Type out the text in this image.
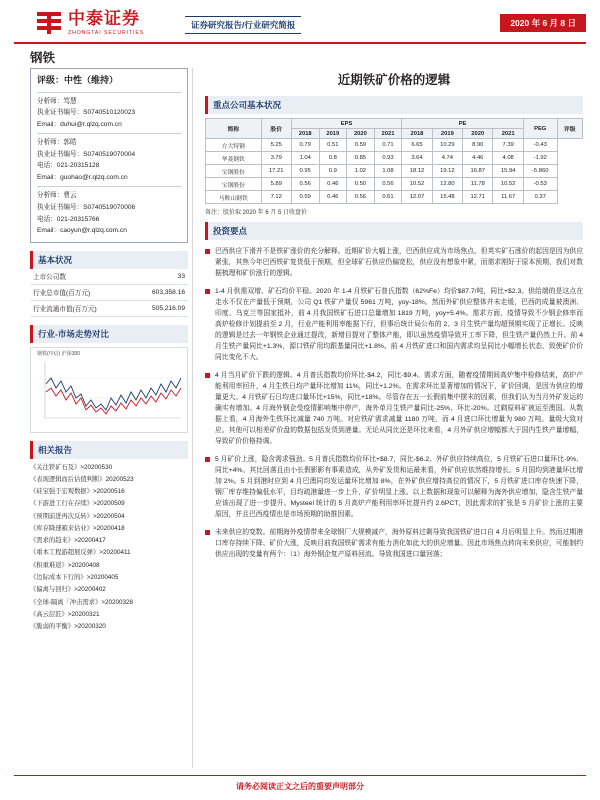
中泰证券
ZHONGTAI SECURITIES
证券研究报告/行业研究简报	2020 年 6 月 8 日
钢铁
评级：中性（维持）
分析师：笃慧
执业证书编号：S0740510120023
Email：duhui@r.qlzq.com.cn
分析师：郭皓
执业证书编号：S0740519070004
电话：021-20315128
Email：guohao@r.qlzq.com.cn
分析师：曹云
执业证书编号：S0740519070006
电话：021-20315766
Email：caoyun@r.qlzq.com.cn
基本状况
上市公司数	33
行业总市值(百万元)	603,358.16
行业流通市值(百万元)	505,216.09
行业-市场走势对比
钢铁(中信) 沪深300
相关报告
《关注铁矿石及》>20200530
《表现逻辑而后估值判断》20200523
《硅宝强于宏观数据》>20200516
《下游进工行在存续》>20200509
《预期前进再次反转》>20200504
《库存降速箱来估业》>20200418
《需求的趋来》>20200417
《重本工程游超展反弹》>20200411
《积重难返》>20200408
《边际成本下行的》>20200405
《偏离与回归》>20200402
《全球-隔离「冲击需求》>20200328
《高云层匠》>20200321
《脆弱的平衡》>20200320
近期铁矿价格的逻辑
重点公司基本状况
简称	股价	EPS				PE				PEG	评级
		2018	2019	2020	2021	2018	2019	2020	2021		
方大特钢	5.25	0.79	0.51	0.59	0.71	6.65	10.29	8.90	7.39	-0.43	
华菱钢铁	3.79	1.04	0.8	0.85	0.93	3.64	4.74	4.46	4.08	-1.92	
宝钢股份	17.21	0.95	0.9	1.02	1.08	18.12	19.12	16.87	15.94	-5.860	
宝钢股份	5.89	0.56	0.46	0.50	0.56	10.52	12.80	11.78	10.52	-0.53	
马鞍山钢铁	7.12	0.59	0.46	0.56	0.61	12.07	15.48	12.71	11.67	0.37	
备注：股价取 2020 年 6 月 5 日收盘价
投资要点

巴西供应下滑并不是铁矿涨价的充分解释。近期矿价大幅上涨，巴西供应成为市场焦点。但英实矿石涨价的起因是因为供应紧张，其焦今年巴西铁矿复货低于预期，但全球矿石供应仍偏宽松，供应没有想象中紧，而需求刚好于原本预期，我们对数据梳理和矿价涨行的逻辑。

1-4 月供需双增、矿石均价平稳。2020 年 1-4 月铁矿石普氏指数（62%Fe）均价$87.7/吨，同比+$2.3。供给端的是这点在走水不仅在产量低于预期，公司 Q1 铁矿产量仅 5961 万吨，yoy-18%。然而外矿供应整体并未走缓，巴西的成量被澳洲、印度、乌克兰等国家抵补，前 4 月我国铁矿石进口总量增加 1819 万吨，yoy+5.4%。需求方面，疫情导致不少钢企修率而高炉检修计划提前至 2 月，行业产能利用率能据下行，但事后统计局公布的 2、3 月生铁产量均超预期实现了正增长。反映的逻辑是过去一年钢铁企业通过提改，新增目提对了整体产能，即以虽然疫情导致开工率下降，但生铁产量仍然上升。前 4 月生铁产量同比+1.3%，源口铁矿用均跟基量同比+1.8%。前 4 月铁矿进口和国内需求均呈同比小幅增长状态，致使矿价价同比变化不大。

4 月当月矿价下跌的逻辑。4 月普氏指数均价环比-$4.2，同比-$9.4。需求方面，随着疫情期间高炉集中检修结束，高炉产能利用率回升，4 月生铁日均产量环比增加 11%，同比+1.2%。在需求环比显著增加的情况下，矿价回调，是因为供应的增量更大。4 月铁矿石日均进口量环比+15%，同比+18%。尽管存在五一长假前集中摆末的因素，但我们认为当月外矿发运的确实有增加。4 月海外钢企受疫情影响集中停产，海外单月生铁产量同比-25%、环比-20%。过剩原料矿被运至澳国。从数据上看，4 月海外生铁环比减量 740 万吨。对应铁矿需求减量 1180 万吨，而 4 月进口环比增量为 980 万吨。量级大致对应。其他可以相差矿价盘的数据包括发货到港量。无论从同比还是环比来看，4 月外矿供应增幅都大于国内生铁产量增幅，导致矿价价格持调。

5 月矿价上涨，隐含需求强劲。5 月普氏指数均价环比+$8.7，同比-$6.2。外矿供应持续高位，5 月铁矿石进口量环比-9%、同比+4%。其比回落且由小长假影影有事素造成，从外矿发货和运最来看，外矿供应依然维持增长。5 月国均到港量环比增加 2%。5 月到港时应到 4 月巴澳同均发运量环比增加 8%，在外矿供应增持高位的情况下，5 月铁矿进口库存快速下降，钢厂库存维持偏低水平，目均疏港量进一步上升，矿价明显上涨。以上数据和现象可以解释为海外供应增加，隐含生铁产量应该出现了进一步提升。Mysteel 统计的 5 月高炉产能利用率环比提升约 2.6PCT，因此需求的扩张是 5 月矿价上涨的主要原因，并且巴西疫情也是市场预期的助推因素。

未来供应的变数。前期海外疫情带来全球钢厂大规模减产，海外原料过剩导致我国铁矿进口自 4 月后明显上升。然而过期港口库存持续下降、矿价大涨，反映目前我国铁矿需求有能力消化如此大的供应增量。因此市场焦点转向未来供应，可能制约供应出现的变量有两个：（1）海外钢企复产原料回流。导致我国进口量回落；

请务必阅读正文之后的重要声明部分
